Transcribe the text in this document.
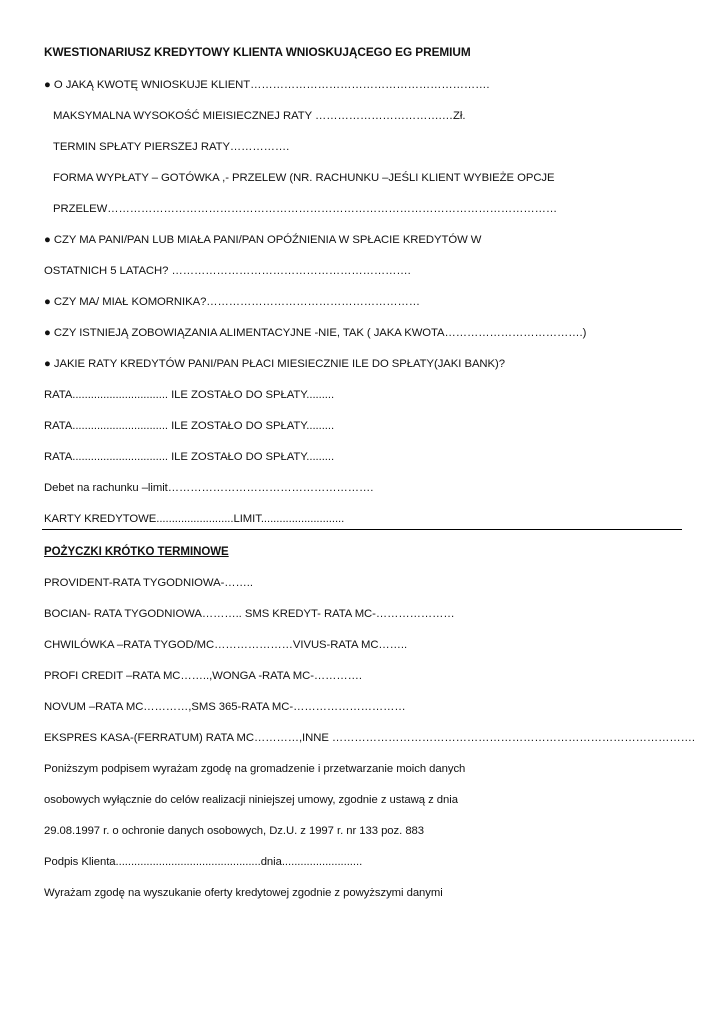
KWESTIONARIUSZ KREDYTOWY KLIENTA WNIOSKUJĄCEGO EG PREMIUM
● O JAKĄ KWOTĘ WNIOSKUJE KLIENT……………………………………………………….
MAKSYMALNA WYSOKOŚĆ MIEISIECZNEJ RATY …………………………….…Zł.
TERMIN SPŁATY PIERSZEJ RATY…………….
FORMA WYPŁATY – GOTÓWKA ,- PRZELEW (NR. RACHUNKU –JEŚLI KLIENT WYBIEŻE OPCJE
PRZELEW…………………………………………………………………………………………………………
● CZY MA PANI/PAN LUB MIAŁA PANI/PAN OPÓŹNIENIA W SPŁACIE KREDYTÓW W
OSTATNICH 5 LATACH? ……………………………………………………….
● CZY MA/ MIAŁ KOMORNIKA?…………………………………………………
● CZY ISTNIEJĄ ZOBOWIĄZANIA ALIMENTACYJNE -NIE, TAK ( JAKA KWOTA……………………………….)
● JAKIE RATY KREDYTÓW PANI/PAN PŁACI MIESIECZNIE ILE DO SPŁATY(JAKI BANK)?
RATA............................... ILE ZOSTAŁO DO SPŁATY.........
RATA............................... ILE ZOSTAŁO DO SPŁATY.........
RATA............................... ILE ZOSTAŁO DO SPŁATY.........
Debet na rachunku –limit……………………………………………….
KARTY KREDYTOWE.........................LIMIT...........................
POŻYCZKI KRÓTKO TERMINOWE
PROVIDENT-RATA TYGODNIOWA-……..
BOCIAN- RATA TYGODNIOWA……….. SMS KREDYT- RATA MC-…………………
CHWILÓWKA –RATA TYGOD/MC…………………VIVUS-RATA MC……..
PROFI CREDIT –RATA MC……..,WONGA -RATA MC-………….
NOVUM –RATA MC…………,SMS 365-RATA MC-…………………………
EKSPRES KASA-(FERRATUM) RATA MC…………,INNE …………………………………………………………………………………….
Poniższym podpisem wyrażam zgodę na gromadzenie i przetwarzanie moich danych
osobowych wyłącznie do celów realizacji niniejszej umowy, zgodnie z ustawą z dnia
29.08.1997 r. o ochronie danych osobowych, Dz.U. z 1997 r. nr 133 poz. 883
Podpis Klienta...............................................dnia..........................
Wyrażam zgodę na wyszukanie oferty kredytowej zgodnie z powyższymi danymi
